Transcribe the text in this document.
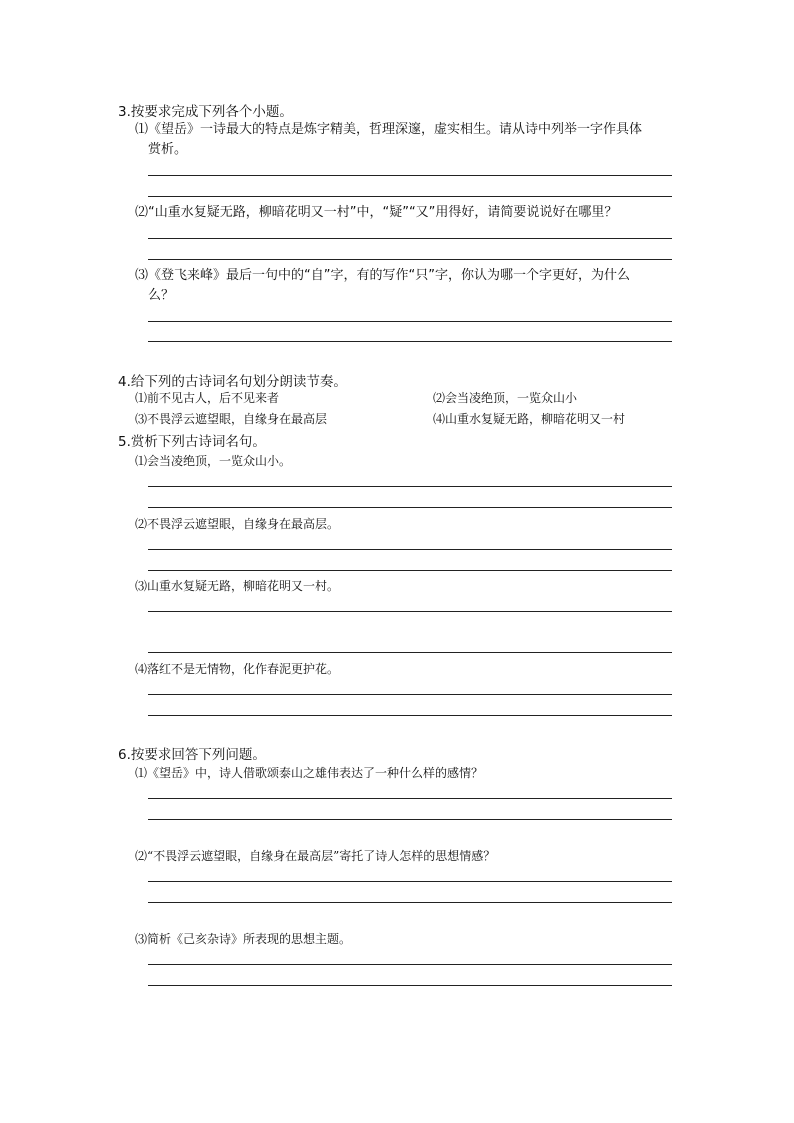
3.按要求完成下列各个小题。
⑴《望岳》一诗最大的特点是炼字精美，哲理深邃，虚实相生。请从诗中列举一字作具体
赏析。
⑵“山重水复疑无路，柳暗花明又一村”中，“疑”“又”用得好，请简要说说好在哪里？
⑶《登飞来峰》最后一句中的“自”字，有的写作“只”字，你认为哪一个字更好，为什么
么？
4.给下列的古诗词名句划分朗读节奏。
⑴前不见古人，后不见来者	⑵会当凌绝顶，一览众山小
⑶不畏浮云遮望眼，自缘身在最高层	⑷山重水复疑无路，柳暗花明又一村
5.赏析下列古诗词名句。
⑴会当凌绝顶，一览众山小。
⑵不畏浮云遮望眼，自缘身在最高层。
⑶山重水复疑无路，柳暗花明又一村。
⑷落红不是无情物，化作春泥更护花。
6.按要求回答下列问题。
⑴《望岳》中，诗人借歌颂泰山之雄伟表达了一种什么样的感情？
⑵“不畏浮云遮望眼，自缘身在最高层”寄托了诗人怎样的思想情感？
⑶简析《己亥杂诗》所表现的思想主题。
